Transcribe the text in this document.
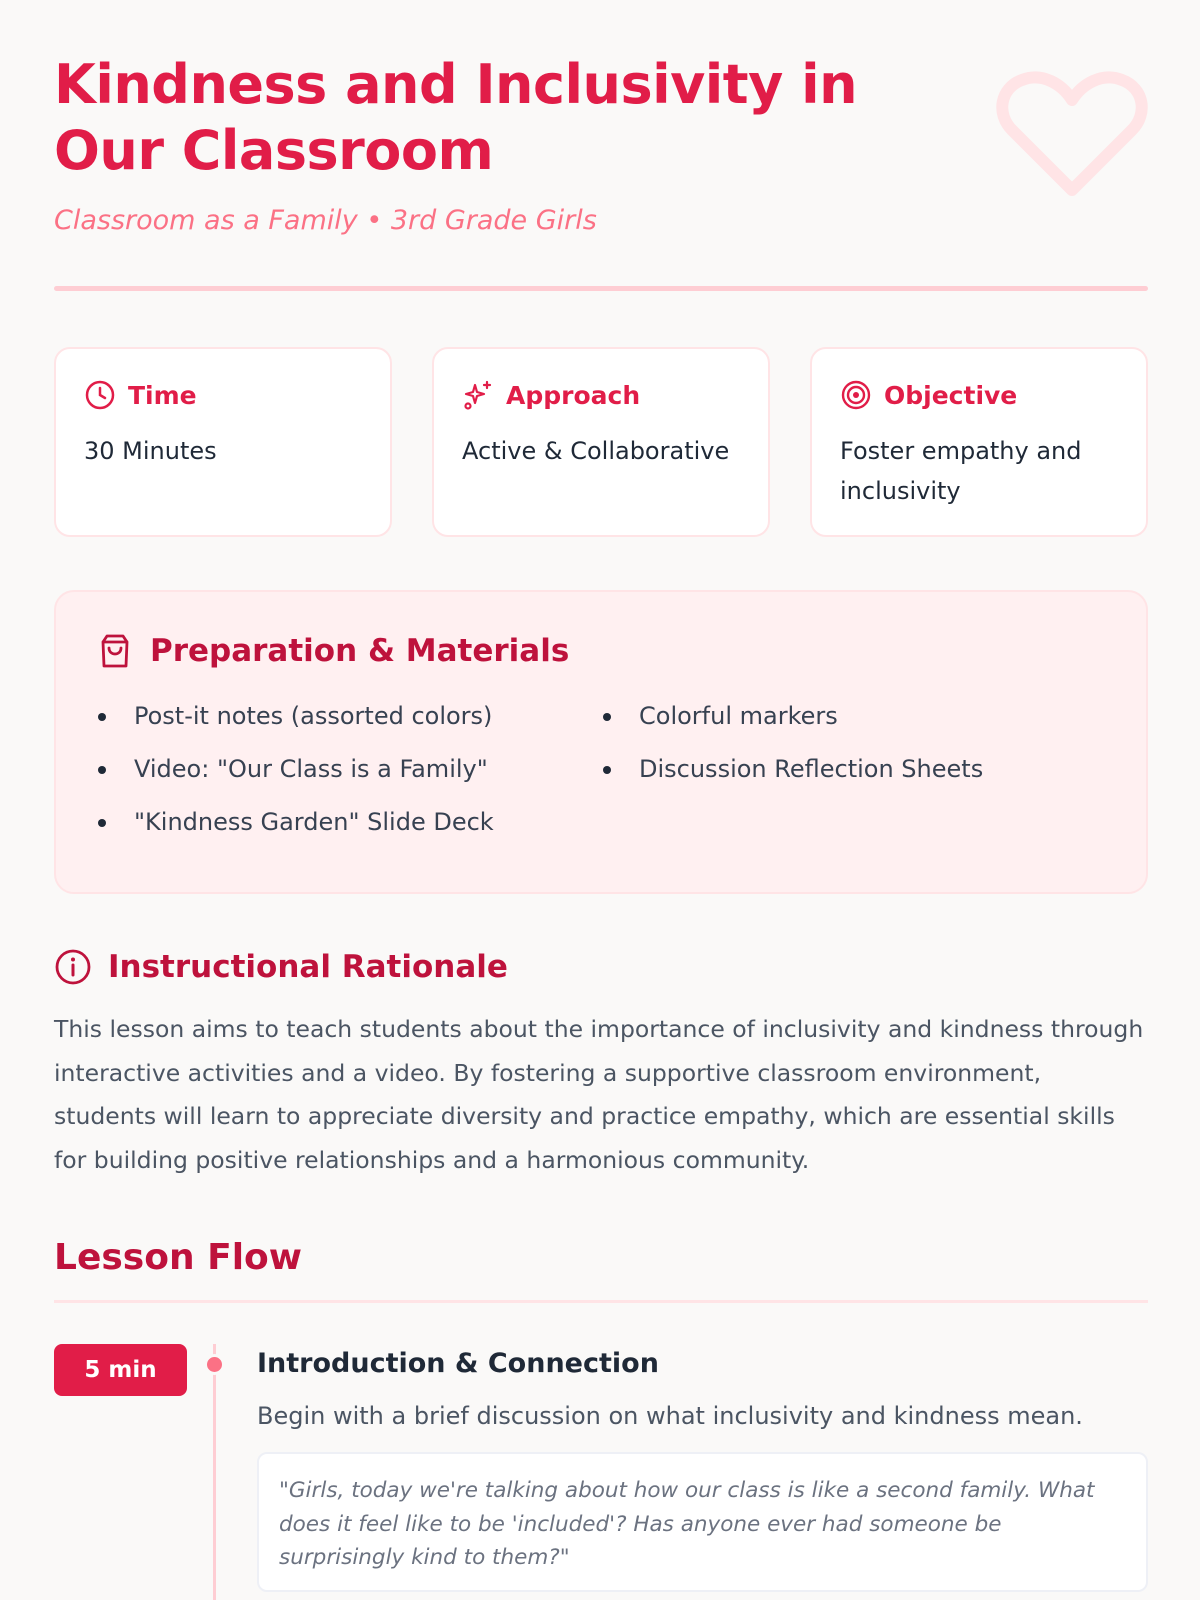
Kindness and Inclusivity in Our Classroom
Classroom as a Family • 3rd Grade Girls
Time
30 Minutes
Approach
Active & Collaborative
Objective
Foster empathy and inclusivity
Preparation & Materials
Post-it notes (assorted colors)
Video: "Our Class is a Family"
"Kindness Garden" Slide Deck
Colorful markers
Discussion Reflection Sheets
Instructional Rationale

This lesson aims to teach students about the importance of inclusivity and kindness through interactive activities and a video. By fostering a supportive classroom environment, students will learn to appreciate diversity and practice empathy, which are essential skills for building positive relationships and a harmonious community.

Lesson Flow
5 min	Introduction & Connection
Begin with a brief discussion on what inclusivity and kindness mean.
"Girls, today we're talking about how our class is like a second family. What does it feel like to be 'included'? Has anyone ever had someone be surprisingly kind to them?"
